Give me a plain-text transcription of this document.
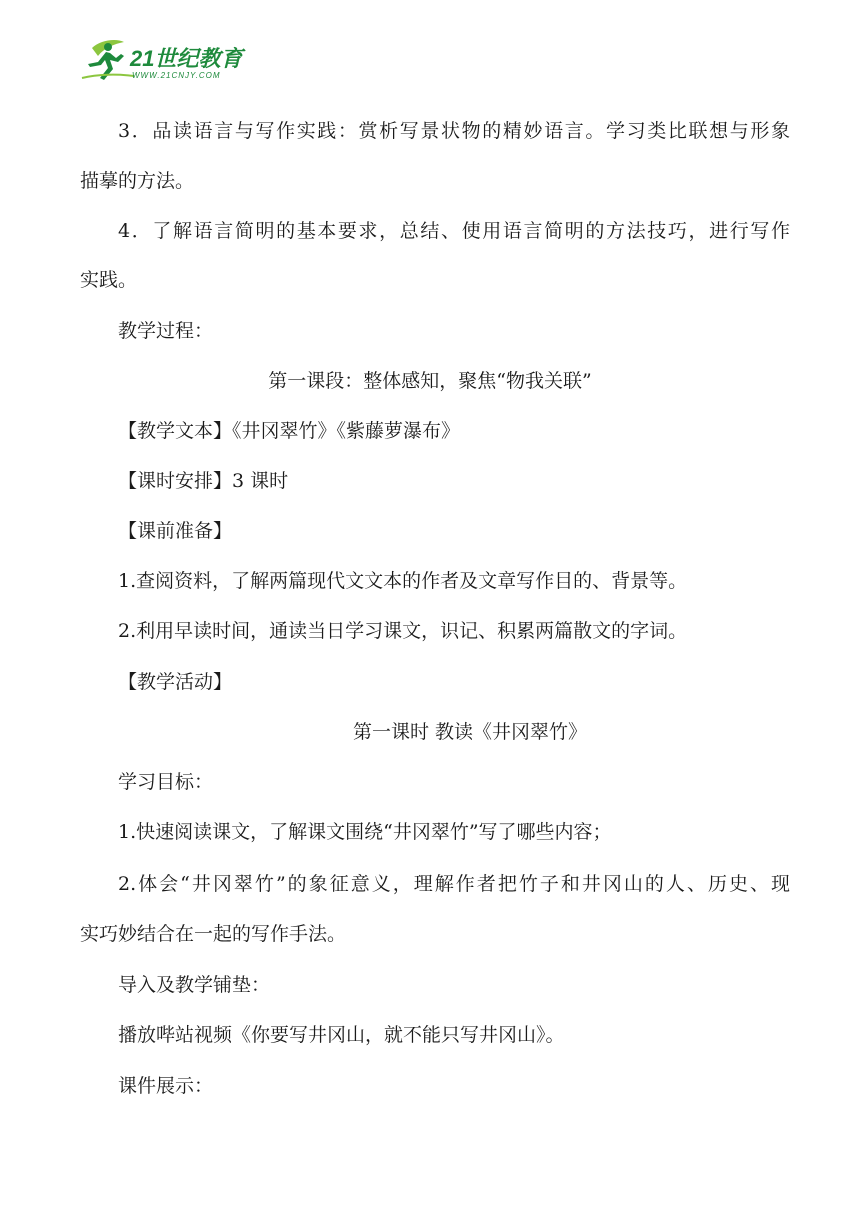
21世纪教育
WWW.21CNJY.COM
3．品读语言与写作实践：赏析写景状物的精妙语言。学习类比联想与形象
描摹的方法。
4．了解语言简明的基本要求，总结、使用语言简明的方法技巧，进行写作
实践。
教学过程：
第一课段：整体感知，聚焦“物我关联”
【教学文本】《井冈翠竹》《紫藤萝瀑布》
【课时安排】3 课时
【课前准备】
1.查阅资料，了解两篇现代文文本的作者及文章写作目的、背景等。
2.利用早读时间，通读当日学习课文，识记、积累两篇散文的字词。
【教学活动】
第一课时 教读《井冈翠竹》
学习目标：
1.快速阅读课文，了解课文围绕“井冈翠竹”写了哪些内容；
2.体会“井冈翠竹”的象征意义，理解作者把竹子和井冈山的人、历史、现
实巧妙结合在一起的写作手法。
导入及教学铺垫：
播放哔站视频《你要写井冈山，就不能只写井冈山》。
课件展示：
